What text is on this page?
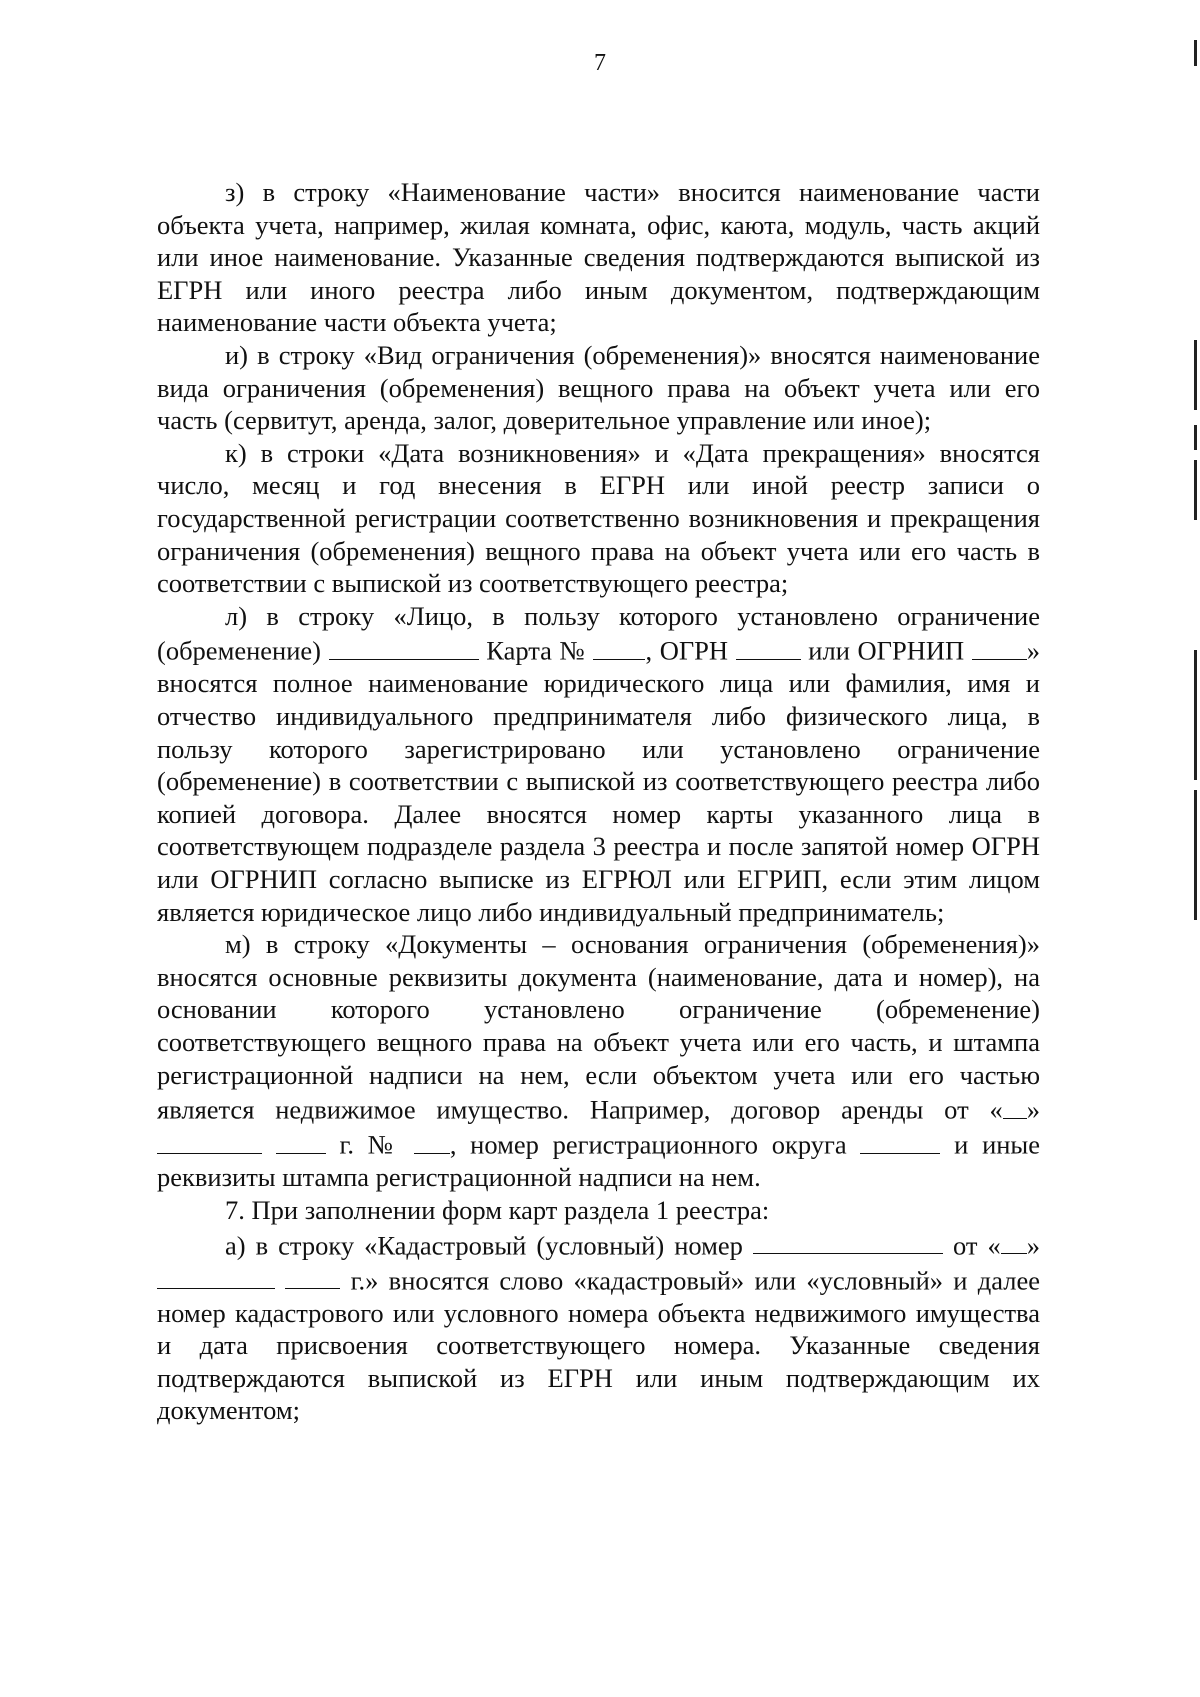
7

з) в строку «Наименование части» вносится наименование части объекта учета, например, жилая комната, офис, каюта, модуль, часть акций или иное наименование. Указанные сведения подтверждаются выпиской из ЕГРН или иного реестра либо иным документом, подтверждающим наименование части объекта учета;

и) в строку «Вид ограничения (обременения)» вносятся наименование вида ограничения (обременения) вещного права на объект учета или его часть (сервитут, аренда, залог, доверительное управление или иное);

к) в строки «Дата возникновения» и «Дата прекращения» вносятся число, месяц и год внесения в ЕГРН или иной реестр записи о государственной регистрации соответственно возникновения и прекращения ограничения (обременения) вещного права на объект учета или его часть в соответствии с выпиской из соответствующего реестра;

л) в строку «Лицо, в пользу которого установлено ограничение (обременение)	Карта № , ОГРН	или ОГРНИП » вносятся полное наименование юридического лица или фамилия, имя и отчество индивидуального предпринимателя либо физического лица, в пользу которого зарегистрировано или установлено ограничение (обременение) в соответствии с выпиской из соответствующего реестра либо копией договора. Далее вносятся номер карты указанного лица в соответствующем подразделе раздела 3 реестра и после запятой номер ОГРН или ОГРНИП согласно выписке из ЕГРЮЛ или ЕГРИП, если этим лицом является юридическое лицо либо индивидуальный предприниматель;

м) в строку «Документы – основания ограничения (обременения)» вносятся основные реквизиты документа (наименование, дата и номер), на основании которого установлено ограничение (обременение) соответствующего вещного права на объект учета или его часть, и штампа регистрационной надписи на нем, если объектом учета или его частью является недвижимое имущество. Например, договор аренды от « »   г. № , номер регистрационного округа	и иные реквизиты штампа регистрационной надписи на нем.

7. При заполнении форм карт раздела 1 реестра:

а) в строку «Кадастровый (условный) номер	от « »   г.» вносятся слово «кадастровый» или «условный» и далее номер кадастрового или условного номера объекта недвижимого имущества и дата присвоения соответствующего номера. Указанные сведения подтверждаются выпиской из ЕГРН или иным подтверждающим их документом;
